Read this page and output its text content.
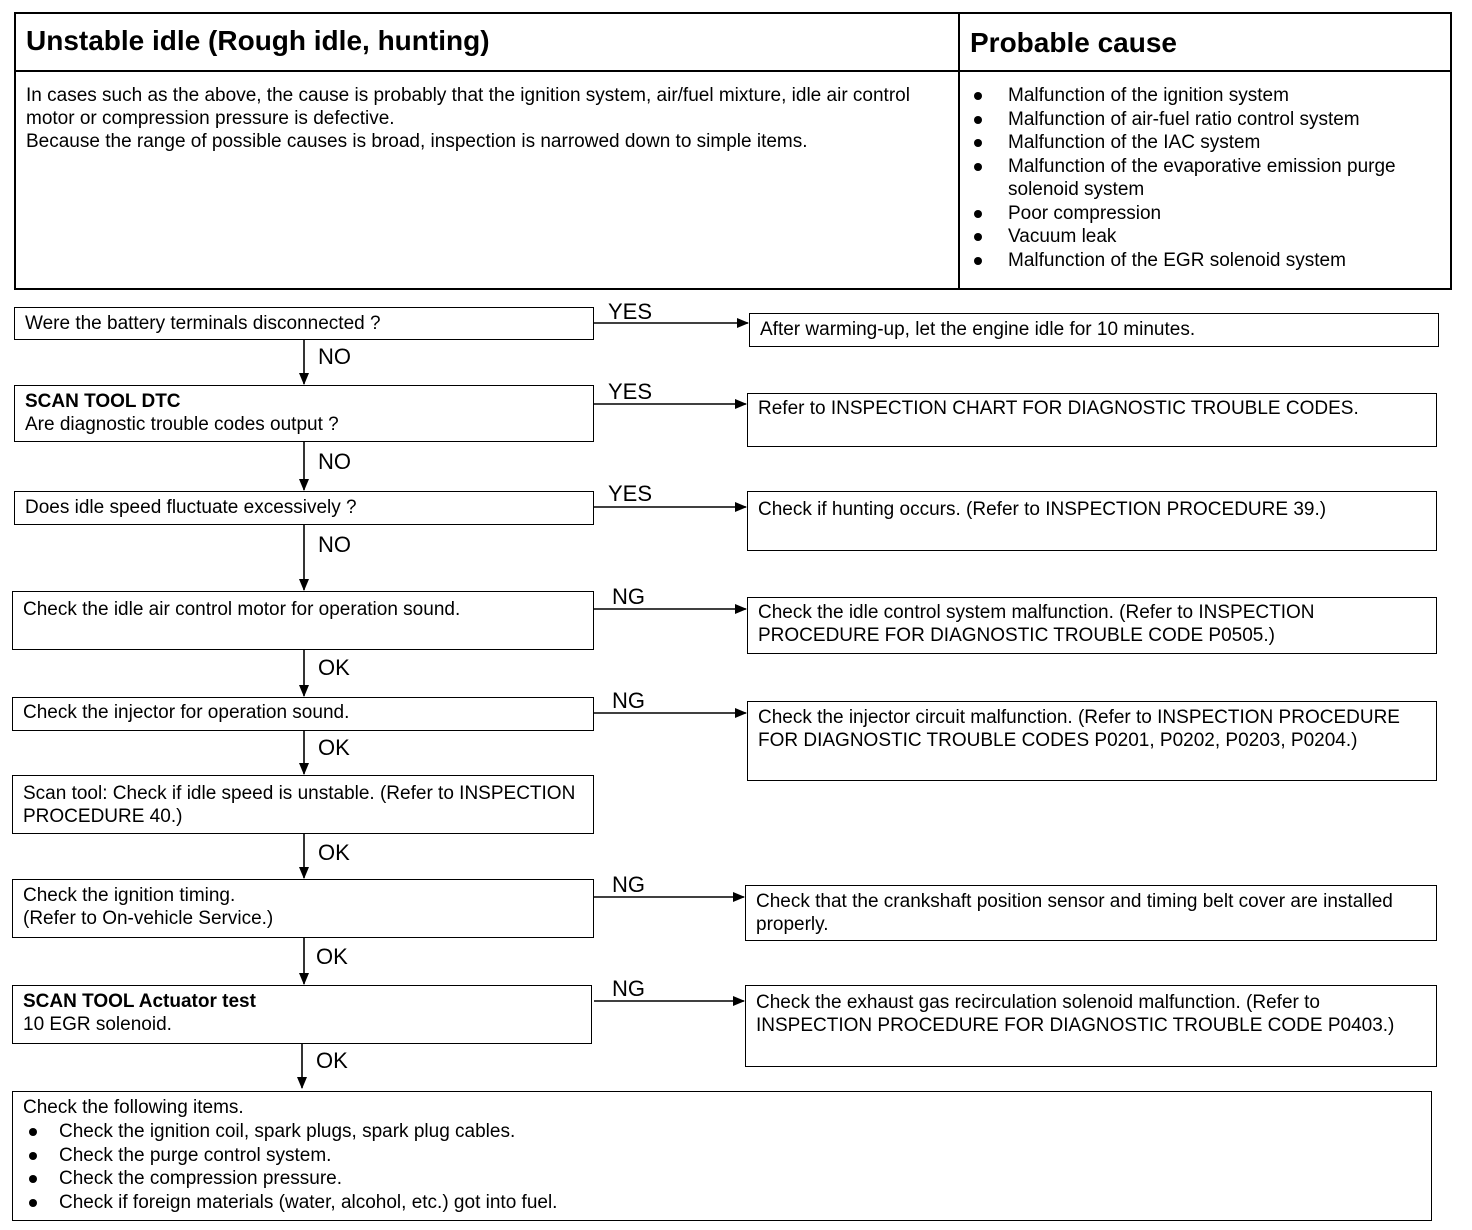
Unstable idle (Rough idle, hunting)	Probable cause

In cases such as the above, the cause is probably that the ignition system, air/fuel mixture, idle air control motor or compression pressure is defective.

Because the range of possible causes is broad, inspection is narrowed down to simple items.

Malfunction of the ignition system
Malfunction of air-fuel ratio control system
Malfunction of the IAC system
Malfunction of the evaporative emission purge solenoid system
Poor compression
Vacuum leak
Malfunction of the EGR solenoid system
YES
YES
YES
NG
NG
NG
NG
NO
NO
NO
OK
OK
OK
OK
OK
Were the battery terminals disconnected ?
SCAN TOOL DTC
Are diagnostic trouble codes output ?
Does idle speed fluctuate excessively ?
Check the idle air control motor for operation sound.
Check the injector for operation sound.
Scan tool: Check if idle speed is unstable. (Refer to INSPECTION PROCEDURE 40.)
Check the ignition timing.
(Refer to On-vehicle Service.)
SCAN TOOL Actuator test
10 EGR solenoid.
After warming-up, let the engine idle for 10 minutes.
Refer to INSPECTION CHART FOR DIAGNOSTIC TROUBLE CODES.
Check if hunting occurs. (Refer to INSPECTION PROCEDURE 39.)
Check the idle control system malfunction. (Refer to INSPECTION PROCEDURE FOR DIAGNOSTIC TROUBLE CODE P0505.)
Check the injector circuit malfunction. (Refer to INSPECTION PROCEDURE FOR DIAGNOSTIC TROUBLE CODES P0201, P0202, P0203, P0204.)
Check that the crankshaft position sensor and timing belt cover are installed properly.
Check the exhaust gas recirculation solenoid malfunction. (Refer to INSPECTION PROCEDURE FOR DIAGNOSTIC TROUBLE CODE P0403.)
Check the following items.
Check the ignition coil, spark plugs, spark plug cables.
Check the purge control system.
Check the compression pressure.
Check if foreign materials (water, alcohol, etc.) got into fuel.
